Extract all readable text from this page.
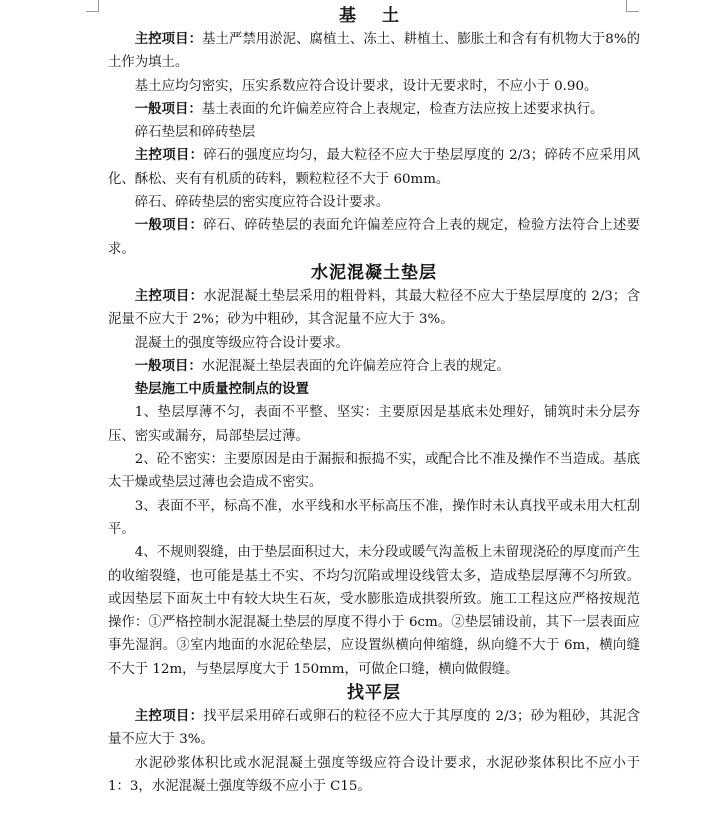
基 土

主控项目：基土严禁用淤泥、腐植土、冻土、耕植土、膨胀土和含有有机物大于8%的土作为填土。

基土应均匀密实，压实系数应符合设计要求，设计无要求时，不应小于 0.90。

一般项目：基土表面的允许偏差应符合上表规定，检查方法应按上述要求执行。

碎石垫层和碎砖垫层

主控项目：碎石的强度应均匀，最大粒径不应大于垫层厚度的 2/3；碎砖不应采用风化、酥松、夹有有机质的砖料，颗粒粒径不大于 60mm。

碎石、碎砖垫层的密实度应符合设计要求。

一般项目：碎石、碎砖垫层的表面允许偏差应符合上表的规定，检验方法符合上述要求。

水泥混凝土垫层

主控项目：水泥混凝土垫层采用的粗骨料，其最大粒径不应大于垫层厚度的 2/3；含泥量不应大于 2%；砂为中粗砂，其含泥量不应大于 3%。

混凝土的强度等级应符合设计要求。

一般项目：水泥混凝土垫层表面的允许偏差应符合上表的规定。

垫层施工中质量控制点的设置

1、垫层厚薄不匀，表面不平整、坚实：主要原因是基底未处理好，铺筑时未分层夯压、密实或漏夯，局部垫层过薄。

2、砼不密实：主要原因是由于漏振和振捣不实，或配合比不准及操作不当造成。基底太干燥或垫层过薄也会造成不密实。

3、表面不平，标高不准，水平线和水平标高压不准，操作时未认真找平或未用大杠刮平。

4、不规则裂缝，由于垫层面积过大，未分段或暖气沟盖板上未留现浇砼的厚度而产生的收缩裂缝，也可能是基土不实、不均匀沉陷或埋设线管太多，造成垫层厚薄不匀所致。或因垫层下面灰土中有较大块生石灰，受水膨胀造成拱裂所致。施工工程这应严格按规范操作：①严格控制水泥混凝土垫层的厚度不得小于 6cm。②垫层铺设前，其下一层表面应事先湿润。③室内地面的水泥砼垫层，应设置纵横向伸缩缝，纵向缝不大于 6m，横向缝不大于 12m，与垫层厚度大于 150mm，可做企口缝，横向做假缝。

找平层

主控项目：找平层采用碎石或卵石的粒径不应大于其厚度的 2/3；砂为粗砂，其泥含量不应大于 3%。

水泥砂浆体积比或水泥混凝土强度等级应符合设计要求，水泥砂浆体积比不应小于 1：3，水泥混凝土强度等级不应小于 C15。
